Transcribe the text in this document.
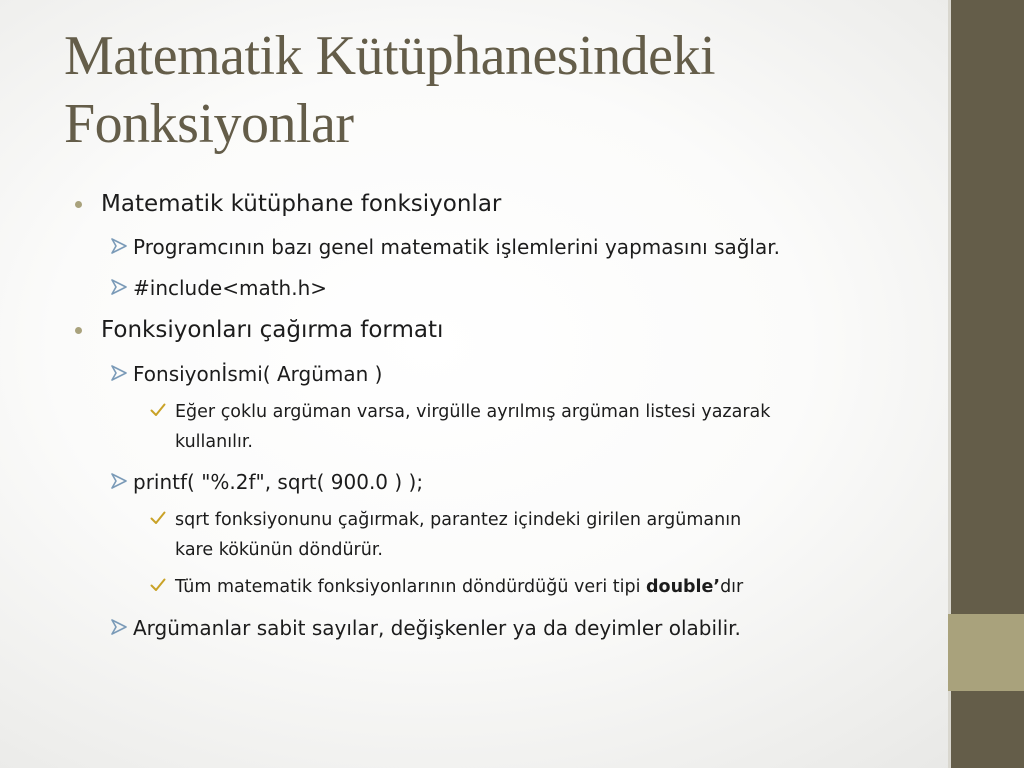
Matematik Kütüphanesindeki
Fonksiyonlar
Matematik kütüphane fonksiyonlar
Programcının bazı genel matematik işlemlerini yapmasını sağlar.
#include<math.h>
Fonksiyonları çağırma formatı
Fonsiyonİsmi( Argüman )
Eğer çoklu argüman varsa, virgülle ayrılmış argüman listesi yazarak
kullanılır.
printf( "%.2f", sqrt( 900.0 ) );
sqrt fonksiyonunu çağırmak, parantez içindeki girilen argümanın
kare kökünün döndürür.
Tüm matematik fonksiyonlarının döndürdüğü veri tipi double’dır
Argümanlar sabit sayılar, değişkenler ya da deyimler olabilir.
